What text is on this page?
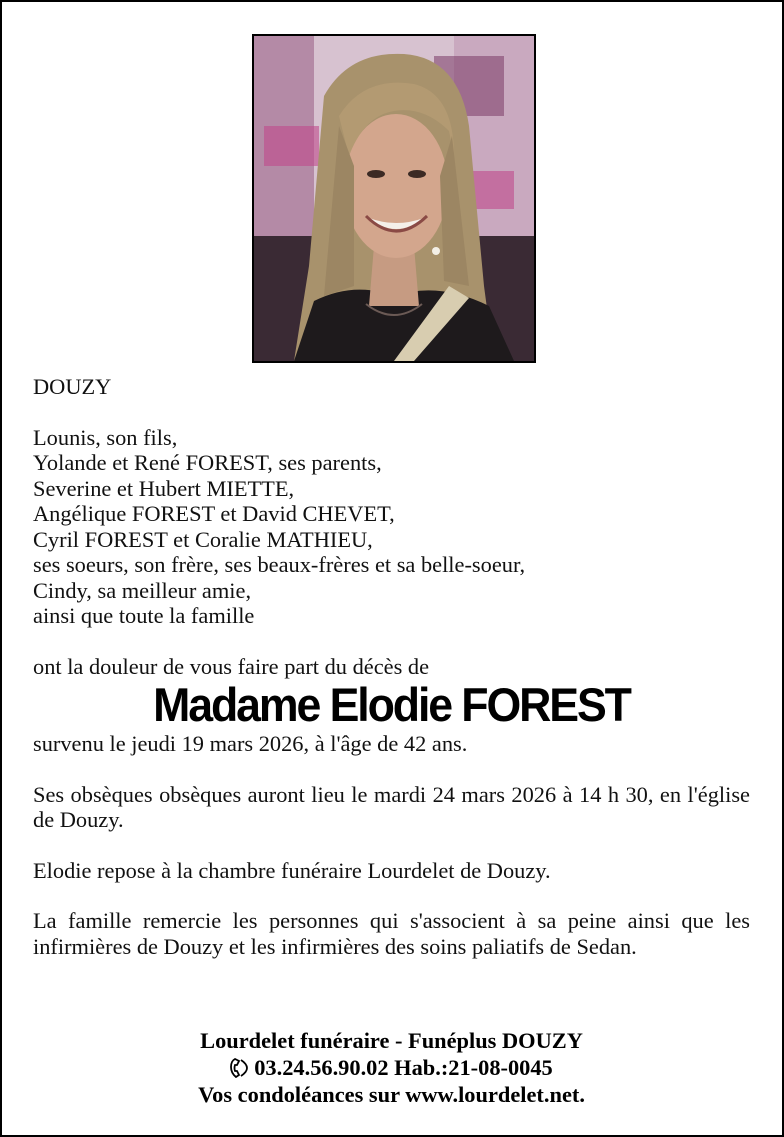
DOUZY

Lounis, son fils,

Yolande et René FOREST, ses parents,

Severine et Hubert MIETTE,

Angélique FOREST et David CHEVET,

Cyril FOREST et Coralie MATHIEU,

ses soeurs, son frère, ses beaux-frères et sa belle-soeur,

Cindy, sa meilleur amie,

ainsi que toute la famille

ont la douleur de vous faire part du décès de

Madame Elodie FOREST

survenu le jeudi 19 mars 2026, à l'âge de 42 ans.

Ses obsèques obsèques auront lieu le mardi 24 mars 2026 à 14 h 30, en l'église de Douzy.

Elodie repose à la chambre funéraire Lourdelet de Douzy.

La famille remercie les personnes qui s'associent à sa peine ainsi que les infirmières de Douzy et les infirmières des soins paliatifs de Sedan.

Lourdelet funéraire - Funéplus DOUZY
03.24.56.90.02 Hab.:21-08-0045
Vos condoléances sur www.lourdelet.net.
